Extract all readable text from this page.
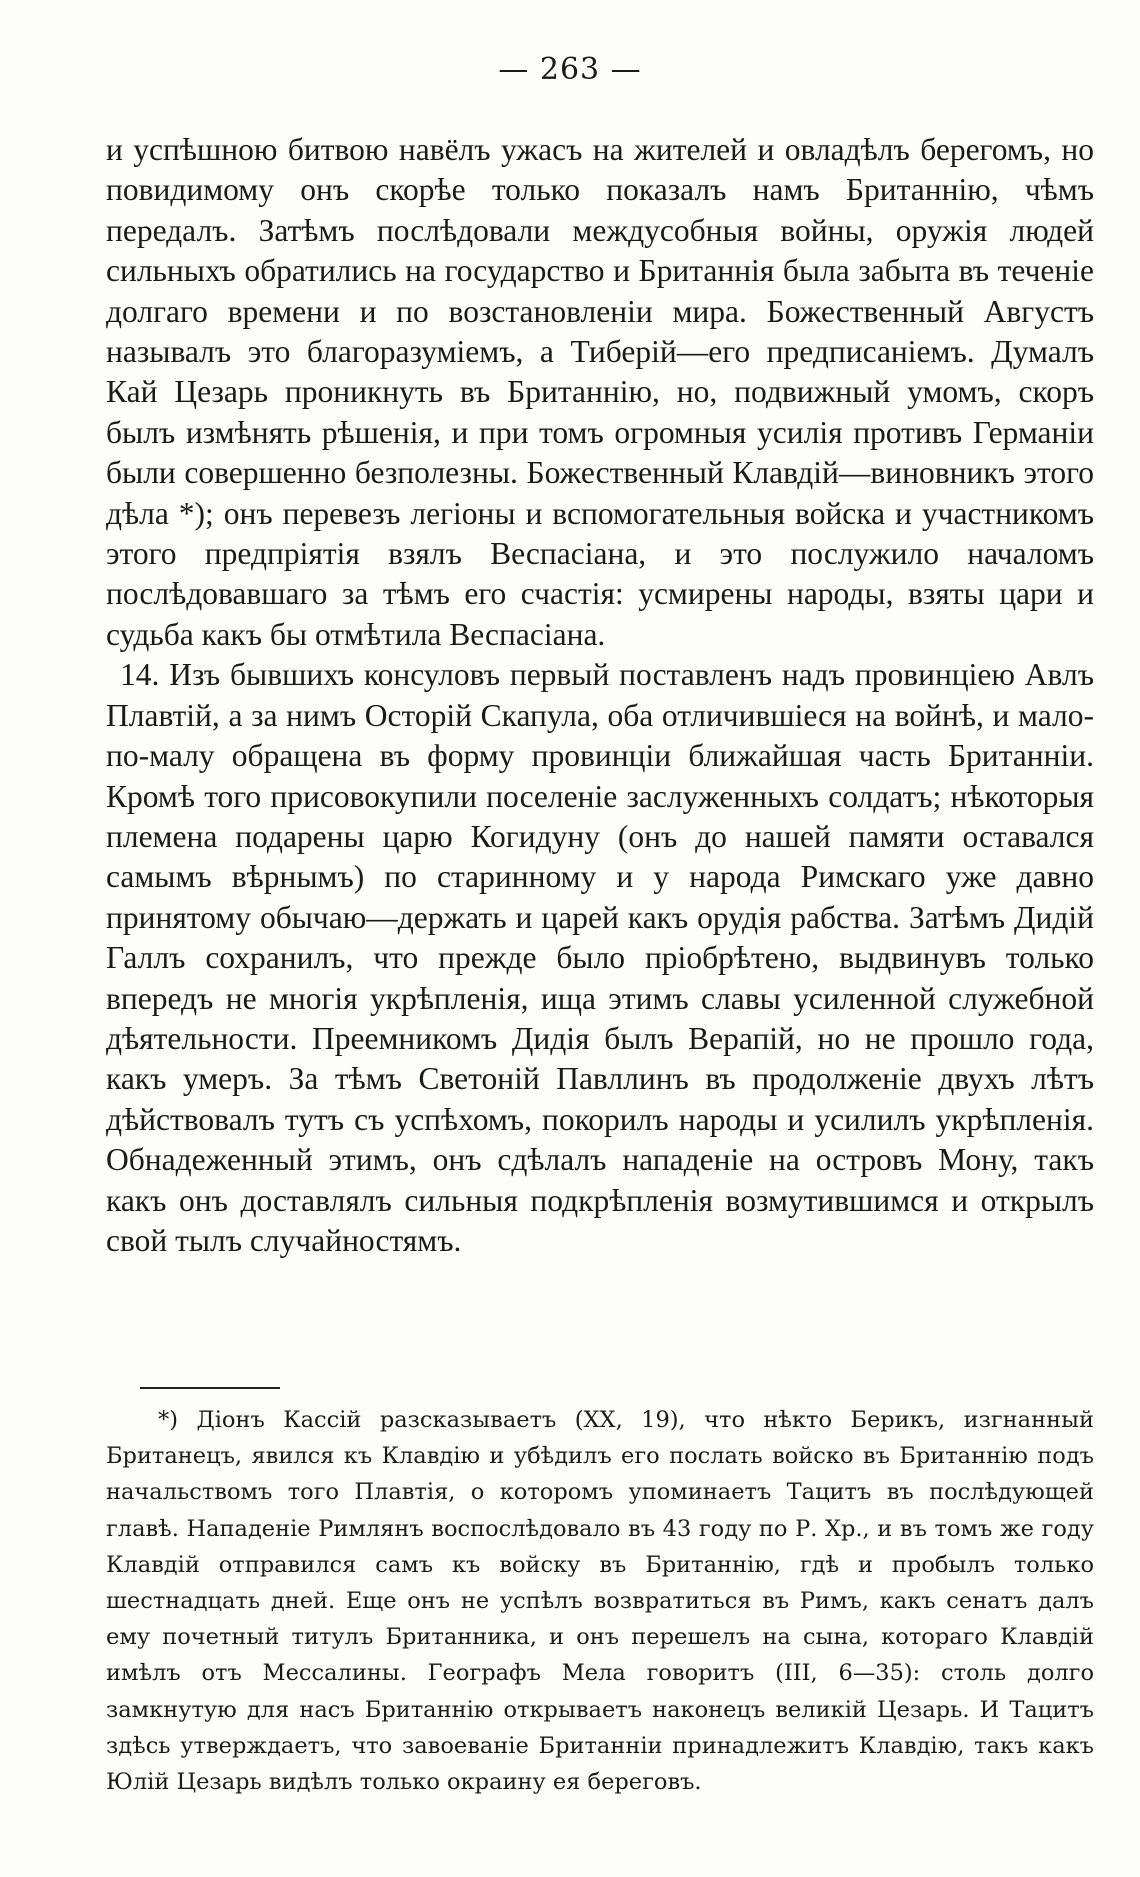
— 263 —

и успѣшною битвою навёлъ ужасъ на жителей и овладѣлъ берегомъ, но повидимому онъ скорѣе только показалъ намъ Британнію, чѣмъ передалъ. Затѣмъ послѣдовали междусобныя войны, оружія людей сильныхъ обратились на государство и Британнія была забыта въ теченіе долгаго времени и по возстановленіи мира. Божественный Августъ называлъ это благоразуміемъ, а Тиберій—его предписаніемъ. Думалъ Кай Цезарь проникнуть въ Британнію, но, подвижный умомъ, скоръ былъ измѣнять рѣшенія, и при томъ огромныя усилія противъ Германіи были совершенно безполезны. Божественный Клавдій—виновникъ этого дѣла *); онъ перевезъ легіоны и вспомогательныя войска и участникомъ этого предпріятія взялъ Веспасіана, и это послужило началомъ послѣдовавшаго за тѣмъ его счастія: усмирены народы, взяты цари и судьба какъ бы отмѣтила Веспасіана.

14. Изъ бывшихъ консуловъ первый поставленъ надъ провинціею Авлъ Плавтій, а за нимъ Осторій Скапула, оба отличившіеся на войнѣ, и мало-по-малу обращена въ форму провинціи ближайшая часть Британніи. Кромѣ того присовокупили поселеніе заслуженныхъ солдатъ; нѣкоторыя племена подарены царю Когидуну (онъ до нашей памяти оставался самымъ вѣрнымъ) по старинному и у народа Римскаго уже давно принятому обычаю—держать и царей какъ орудія рабства. Затѣмъ Дидій Галлъ сохранилъ, что прежде было пріобрѣтено, выдвинувъ только впередъ не многія укрѣпленія, ища этимъ славы усиленной служебной дѣятельности. Преемникомъ Дидія былъ Верапій, но не прошло года, какъ умеръ. За тѣмъ Светоній Павллинъ въ продолженіе двухъ лѣтъ дѣйствовалъ тутъ съ успѣхомъ, покорилъ народы и усилилъ укрѣпленія. Обнадеженный этимъ, онъ сдѣлалъ нападеніе на островъ Мону, такъ какъ онъ доставлялъ сильныя подкрѣпленія возмутившимся и открылъ свой тылъ случайностямъ.

*) Діонъ Кассій разсказываетъ (XX, 19), что нѣкто Берикъ, изгнанный Британецъ, явился къ Клавдію и убѣдилъ его послать войско въ Британнію подъ начальствомъ того Плавтія, о которомъ упоминаетъ Тацитъ въ послѣдующей главѣ. Нападеніе Римлянъ воспослѣдовало въ 43 году по Р. Хр., и въ томъ же году Клавдій отправился самъ къ войску въ Британнію, гдѣ и пробылъ только шестнадцать дней. Еще онъ не успѣлъ возвратиться въ Римъ, какъ сенатъ далъ ему почетный титулъ Британника, и онъ перешелъ на сына, котораго Клавдій имѣлъ отъ Мессалины. Географъ Мела говоритъ (III, 6—35): столь долго замкнутую для насъ Британнію открываетъ наконецъ великій Цезарь. И Тацитъ здѣсь утверждаетъ, что завоеваніе Британніи принадлежитъ Клавдію, такъ какъ Юлій Цезарь видѣлъ только окраину ея береговъ.
